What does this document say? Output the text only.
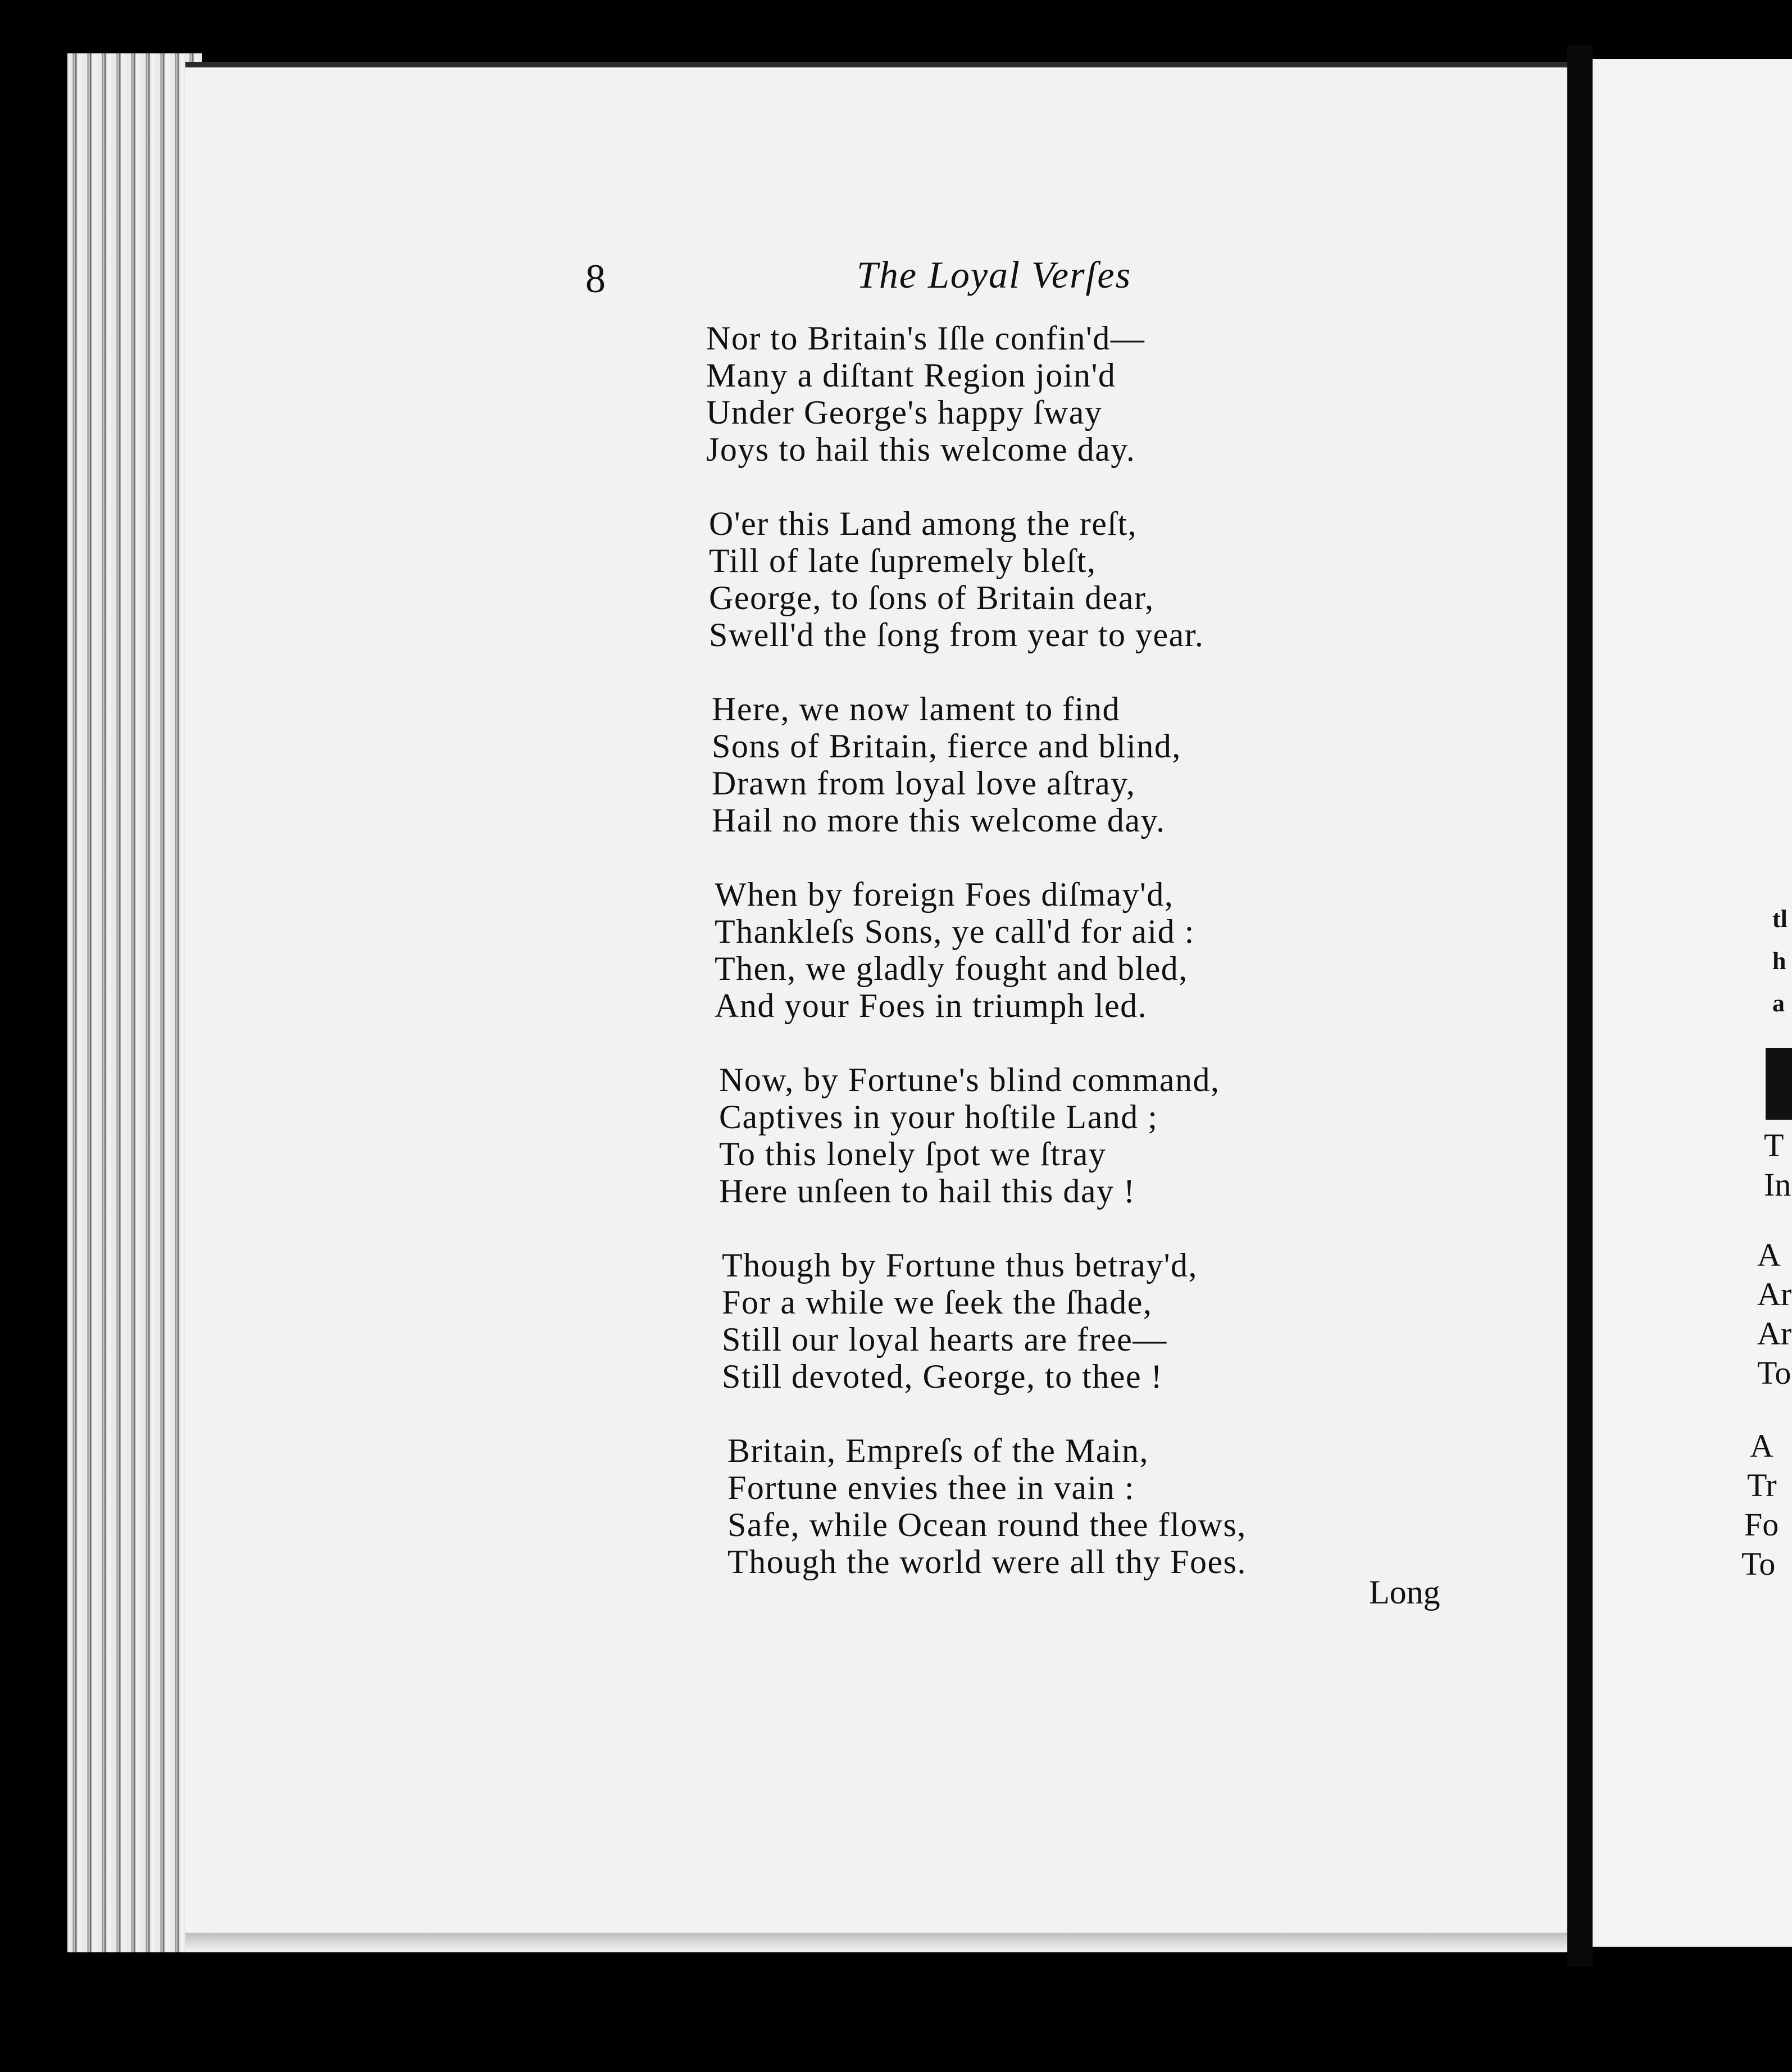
8	The Loyal Verſes
Nor to Britain's Iſle confin'd—
Many a diſtant Region join'd
Under George's happy ſway
Joys to hail this welcome day.
O'er this Land among the reſt,
Till of late ſupremely bleſt,
George, to ſons of Britain dear,
Swell'd the ſong from year to year.
Here, we now lament to find
Sons of Britain, fierce and blind,
Drawn from loyal love aſtray,
Hail no more this welcome day.
When by foreign Foes diſmay'd,
Thankleſs Sons, ye call'd for aid :
Then, we gladly fought and bled,
And your Foes in triumph led.
Now, by Fortune's blind command,
Captives in your hoſtile Land ;
To this lonely ſpot we ſtray
Here unſeen to hail this day !
Though by Fortune thus betray'd,
For a while we ſeek the ſhade,
Still our loyal hearts are free—
Still devoted, George, to thee !
Britain, Empreſs of the Main,
Fortune envies thee in vain :
Safe, while Ocean round thee flows,
Though the world were all thy Foes.
Long
tl
h
a
T
In
A
Ar
Ar
To
A
Tr
Fo
To
